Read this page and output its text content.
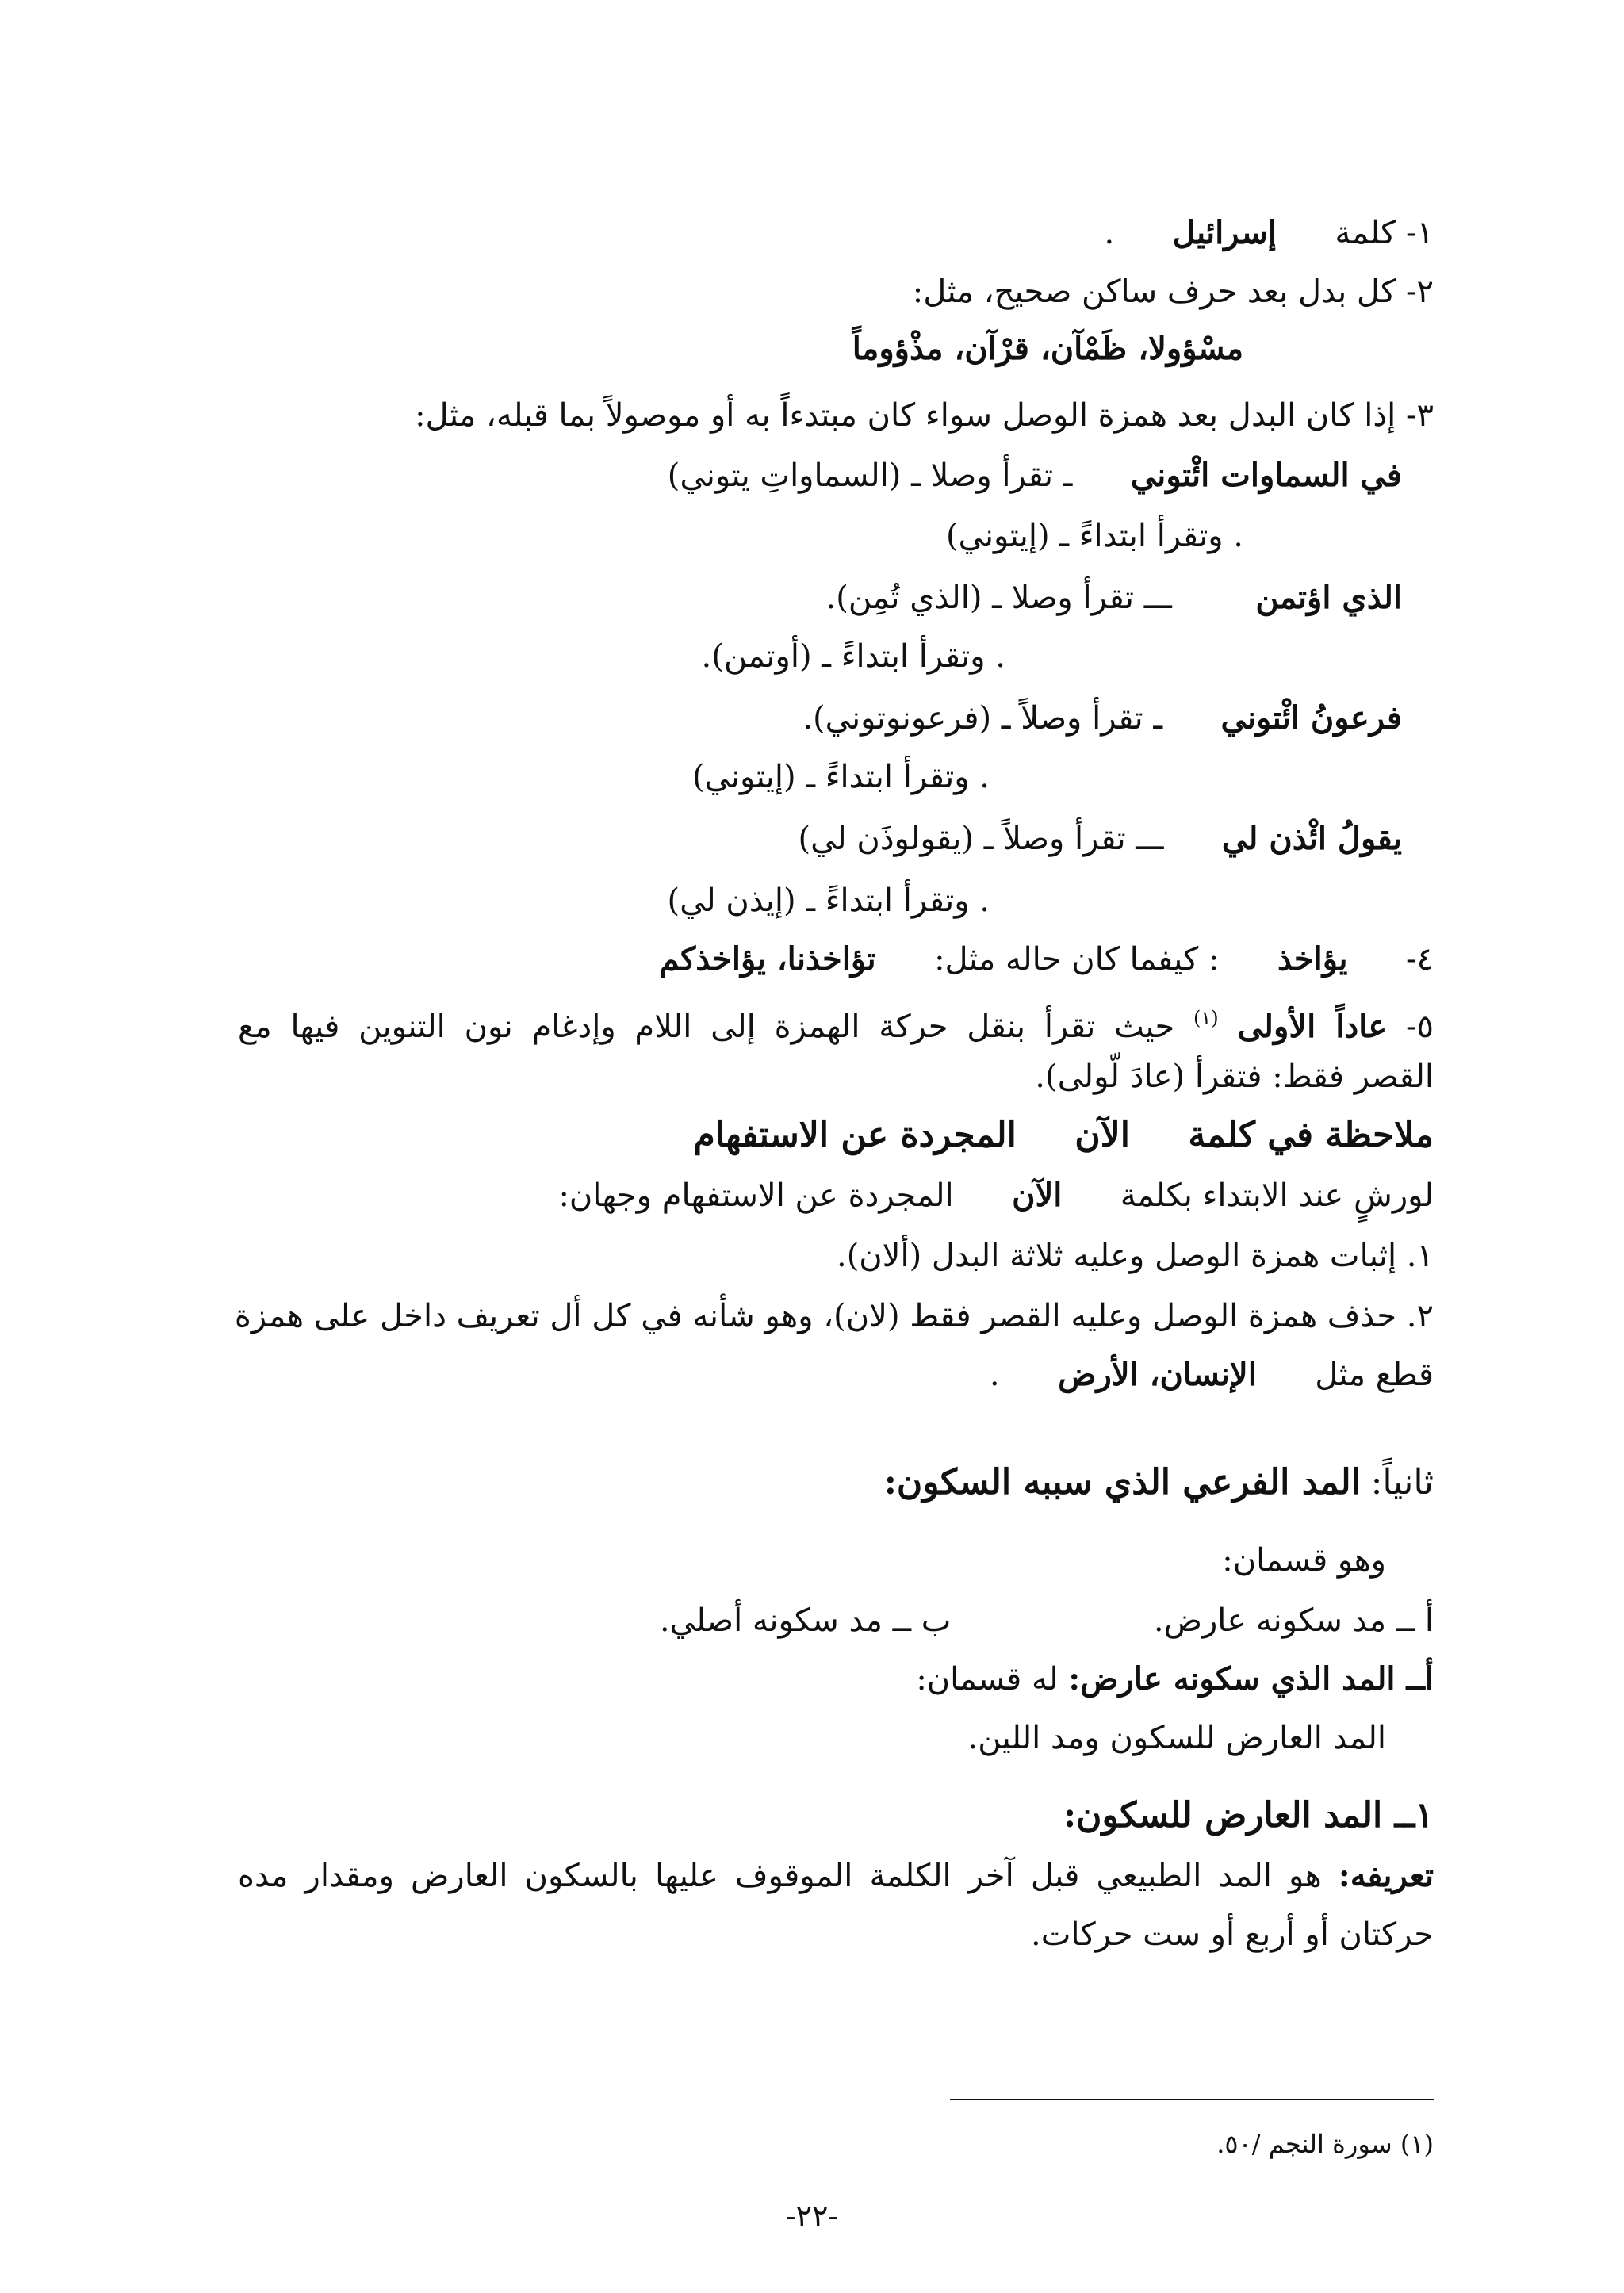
١- كلمة  إسرائيل  .
٢- كل بدل بعد حرف ساكن صحيح، مثل:
مسْؤولا، ظَمْآن، قرْآن، مذْؤوماً
٣- إذا كان البدل بعد همزة الوصل سواء كان مبتدءاً به أو موصولاً بما قبله، مثل:
في السماوات ائْتوني  ـ تقرأ وصلا ـ (السماواتِ يتوني)
. وتقرأ ابتداءً ـ (إيتوني)
الذي اؤتمن  ـــ تقرأ وصلا ـ (الذي تُمِن).
. وتقرأ ابتداءً ـ (أوتمن).
فرعونُ ائْتوني  ـ تقرأ وصلاً ـ (فرعونوتوني).
. وتقرأ ابتداءً ـ (إيتوني)
يقولُ ائْذن لي  ـــ تقرأ وصلاً ـ (يقولوذَن لي)
. وتقرأ ابتداءً ـ (إيذن لي)
٤-  يؤاخذ  : كيفما كان حاله مثل:  تؤاخذنا، يؤاخذكم
٥- عاداً الأولى $^{(١)}$ حيث تقرأ بنقل حركة الهمزة إلى اللام وإدغام نون التنوين فيها مع
القصر فقط: فتقرأ (عادَ لّولى).
ملاحظة في كلمة  الآن  المجردة عن الاستفهام
لورشٍ عند الابتداء بكلمة  الآن  المجردة عن الاستفهام وجهان:
١. إثبات همزة الوصل وعليه ثلاثة البدل (ألان).
٢. حذف همزة الوصل وعليه القصر فقط (لان)، وهو شأنه في كل أل تعريف داخل على همزة
قطع مثل  الإنسان، الأرض  .
ثانياً: المد الفرعي الذي سببه السكون:
وهو قسمان:
أ ــ مد سكونه عارض.  ب ــ مد سكونه أصلي.
أــ المد الذي سكونه عارض: له قسمان:
المد العارض للسكون ومد اللين.
١ــ المد العارض للسكون:
تعريفه: هو المد الطبيعي قبل آخر الكلمة الموقوف عليها بالسكون العارض ومقدار مده
حركتان أو أربع أو ست حركات.
(١) سورة النجم /٥٠.
-٢٢-
